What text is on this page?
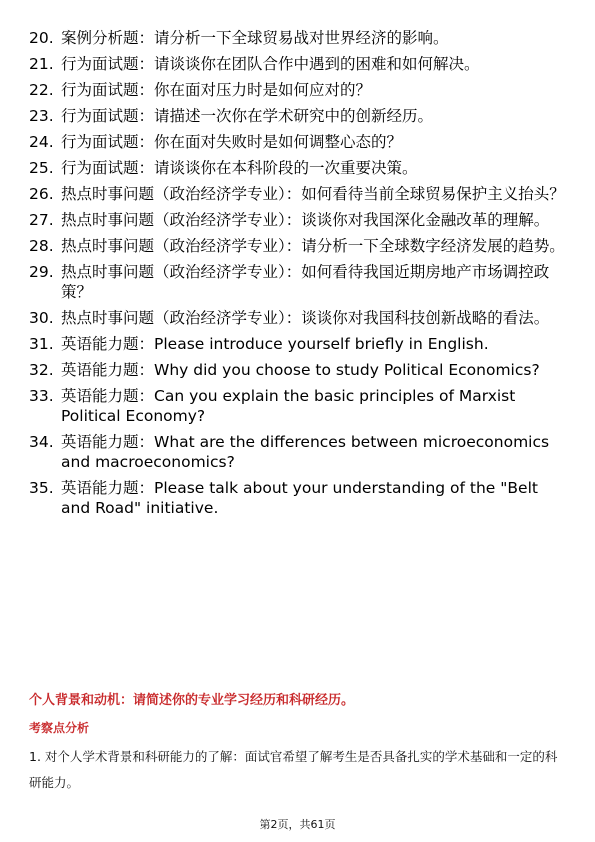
20. 案例分析题：请分析一下全球贸易战对世界经济的影响。
21. 行为面试题：请谈谈你在团队合作中遇到的困难和如何解决。
22. 行为面试题：你在面对压力时是如何应对的？
23. 行为面试题：请描述一次你在学术研究中的创新经历。
24. 行为面试题：你在面对失败时是如何调整心态的？
25. 行为面试题：请谈谈你在本科阶段的一次重要决策。
26. 热点时事问题（政治经济学专业）：如何看待当前全球贸易保护主义抬头？
27. 热点时事问题（政治经济学专业）：谈谈你对我国深化金融改革的理解。
28. 热点时事问题（政治经济学专业）：请分析一下全球数字经济发展的趋势。
29. 热点时事问题（政治经济学专业）：如何看待我国近期房地产市场调控政策？
30. 热点时事问题（政治经济学专业）：谈谈你对我国科技创新战略的看法。
31. 英语能力题：Please introduce yourself briefly in English.
32. 英语能力题：Why did you choose to study Political Economics?
33. 英语能力题：Can you explain the basic principles of Marxist Political Economy?
34. 英语能力题：What are the differences between microeconomics and macroeconomics?
35. 英语能力题：Please talk about your understanding of the "Belt and Road" initiative.
个人背景和动机：请简述你的专业学习经历和科研经历。
考察点分析
1. 对个人学术背景和科研能力的了解：面试官希望了解考生是否具备扎实的学术基础和一定的科研能力。
第2页，共61页
